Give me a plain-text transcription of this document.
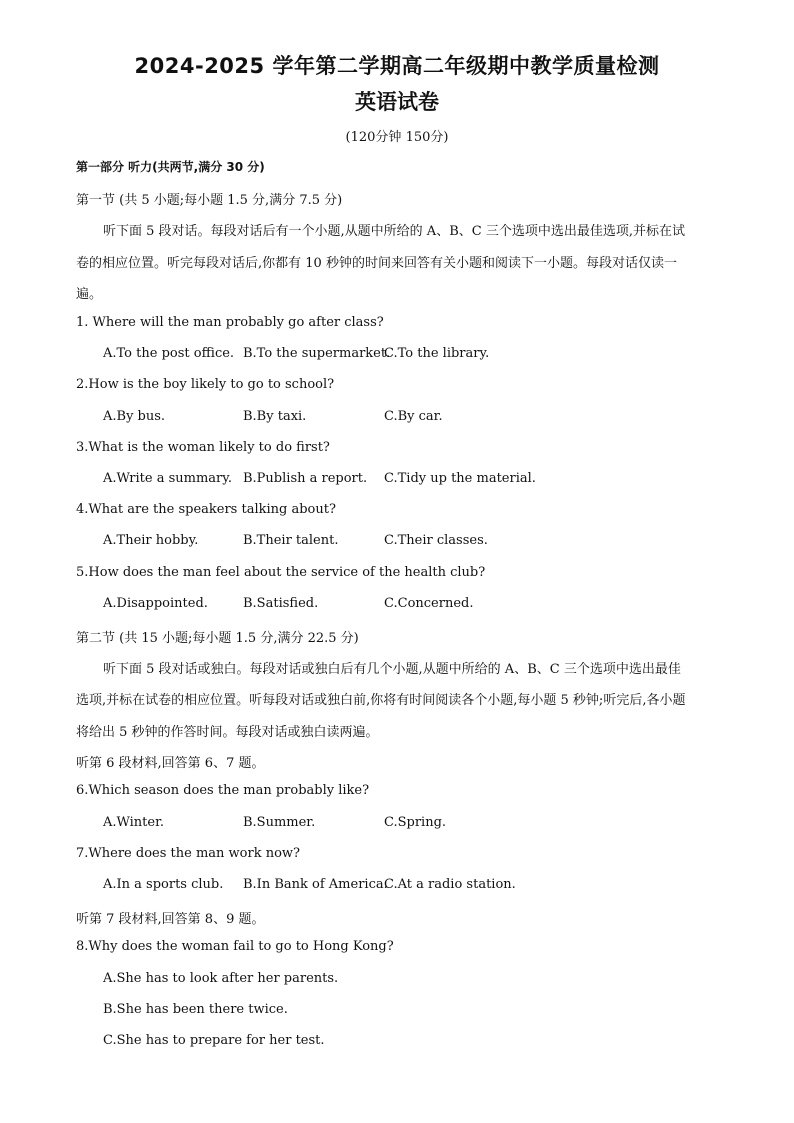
2024-2025 学年第二学期高二年级期中教学质量检测
英语试卷
(120分钟 150分)
第一部分 听力(共两节,满分 30 分)
第一节 (共 5 小题;每小题 1.5 分,满分 7.5 分)
听下面 5 段对话。每段对话后有一个小题,从题中所给的 A、B、C 三个选项中选出最佳选项,并标在试
卷的相应位置。听完每段对话后,你都有 10 秒钟的时间来回答有关小题和阅读下一小题。每段对话仅读一
遍。
1. Where will the man probably go after class?
A.To the post office. B.To the supermarket.
C.To the library.
2.How is the boy likely to go to school?
A.By bus.	B.By taxi.	C.By car.
3.What is the woman likely to do first?
A.Write a summary. B.Publish a report. C.Tidy up the material.
4.What are the speakers talking about?
A.Their hobby.	B.Their talent.	C.Their classes.
5.How does the man feel about the service of the health club?
A.Disappointed.	B.Satisfied.	C.Concerned.
第二节 (共 15 小题;每小题 1.5 分,满分 22.5 分)
听下面 5 段对话或独白。每段对话或独白后有几个小题,从题中所给的 A、B、C 三个选项中选出最佳
选项,并标在试卷的相应位置。听每段对话或独白前,你将有时间阅读各个小题,每小题 5 秒钟;听完后,各小题
将给出 5 秒钟的作答时间。每段对话或独白读两遍。
听第 6 段材料,回答第 6、7 题。
6.Which season does the man probably like?
A.Winter.	B.Summer.	C.Spring.
7.Where does the man work now?
A.In a sports club. B.In Bank of America.
C.At a radio station.
听第 7 段材料,回答第 8、9 题。
8.Why does the woman fail to go to Hong Kong?
A.She has to look after her parents.
B.She has been there twice.
C.She has to prepare for her test.
